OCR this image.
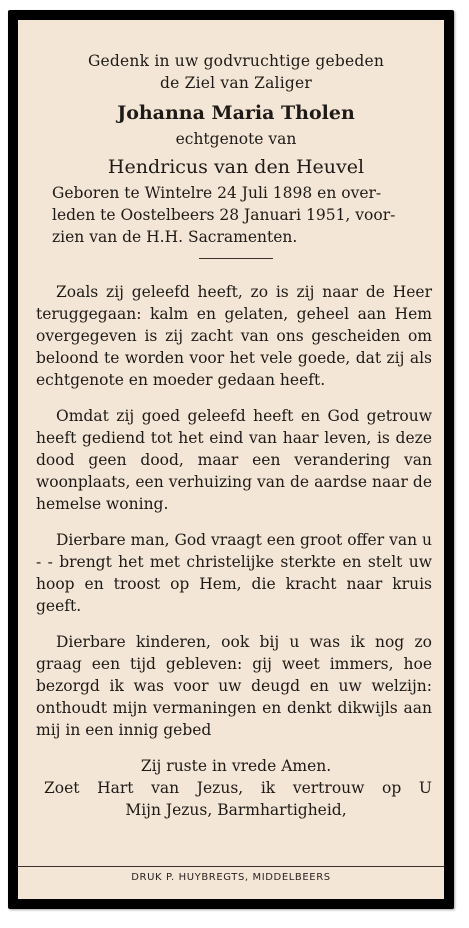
Gedenk in uw godvruchtige gebeden
de Ziel van Zaliger
Johanna Maria Tholen
echtgenote van
Hendricus van den Heuvel
Geboren te Wintelre 24 Juli 1898 en over-
leden te Oostelbeers 28 Januari 1951, voor-
zien van de H.H. Sacramenten.

Zoals zij geleefd heeft, zo is zij naar de Heer teruggegaan: kalm en gelaten, geheel aan Hem overgegeven is zij zacht van ons gescheiden om beloond te worden voor het vele goede, dat zij als echtgenote en moeder gedaan heeft.

Omdat zij goed geleefd heeft en God getrouw heeft gediend tot het eind van haar leven, is deze dood geen dood, maar een verandering van woonplaats, een verhuizing van de aardse naar de hemelse woning.

Dierbare man, God vraagt een groot offer van u - - brengt het met christelijke sterkte en stelt uw hoop en troost op Hem, die kracht naar kruis geeft.

Dierbare kinderen, ook bij u was ik nog zo graag een tijd gebleven: gij weet immers, hoe bezorgd ik was voor uw deugd en uw welzijn: onthoudt mijn vermaningen en denkt dikwijls aan mij in een innig gebed

Zij ruste in vrede Amen.
Zoet Hart van Jezus, ik vertrouw op U
Mijn Jezus, Barmhartigheid,
DRUK P. HUYBREGTS, MIDDELBEERS
